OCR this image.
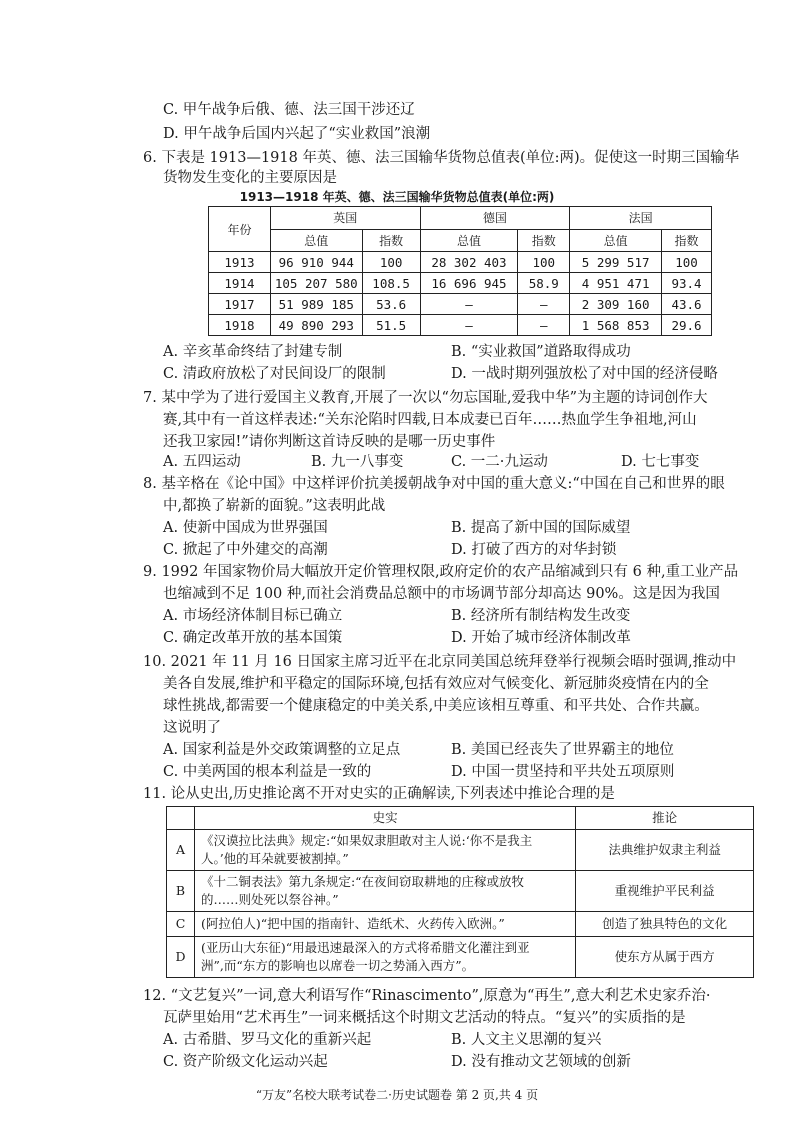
C. 甲午战争后俄、德、法三国干涉还辽
D. 甲午战争后国内兴起了“实业救国”浪潮
6. 下表是 1913—1918 年英、德、法三国输华货物总值表(单位:两)。促使这一时期三国输华
货物发生变化的主要原因是
1913—1918 年英、德、法三国输华货物总值表(单位:两)
年份	英国		德国		法国	
	总值	指数	总值	指数	总值	指数
1913	96 910 944	100	28 302 403	100	5 299 517	100
1914	105 207 580	108.5	16 696 945	58.9	4 951 471	93.4
1917	51 989 185	53.6	—	—	2 309 160	43.6
1918	49 890 293	51.5	—	—	1 568 853	29.6
A. 辛亥革命终结了封建专制	B. “实业救国”道路取得成功
C. 清政府放松了对民间设厂的限制	D. 一战时期列强放松了对中国的经济侵略
7. 某中学为了进行爱国主义教育,开展了一次以“勿忘国耻,爱我中华”为主题的诗词创作大
赛,其中有一首这样表述:“关东沦陷时四载,日本成妻已百年……热血学生争祖地,河山
还我卫家园!”请你判断这首诗反映的是哪一历史事件
A. 五四运动	B. 九一八事变	C. 一二·九运动	D. 七七事变
8. 基辛格在《论中国》中这样评价抗美援朝战争对中国的重大意义:“中国在自己和世界的眼
中,都换了崭新的面貌。”这表明此战
A. 使新中国成为世界强国	B. 提高了新中国的国际威望
C. 掀起了中外建交的高潮	D. 打破了西方的对华封锁
9. 1992 年国家物价局大幅放开定价管理权限,政府定价的农产品缩减到只有 6 种,重工业产品
也缩减到不足 100 种,而社会消费品总额中的市场调节部分却高达 90%。这是因为我国
A. 市场经济体制目标已确立	B. 经济所有制结构发生改变
C. 确定改革开放的基本国策	D. 开始了城市经济体制改革
10. 2021 年 11 月 16 日国家主席习近平在北京同美国总统拜登举行视频会晤时强调,推动中
美各自发展,维护和平稳定的国际环境,包括有效应对气候变化、新冠肺炎疫情在内的全
球性挑战,都需要一个健康稳定的中美关系,中美应该相互尊重、和平共处、合作共赢。
这说明了
A. 国家利益是外交政策调整的立足点	B. 美国已经丧失了世界霸主的地位
C. 中美两国的根本利益是一致的	D. 中国一贯坚持和平共处五项原则
11. 论从史出,历史推论离不开对史实的正确解读,下列表述中推论合理的是
	史实	推论
A	《汉谟拉比法典》规定:“如果奴隶胆敢对主人说:‘你不是我主
人。’他的耳朵就要被割掉。”	法典维护奴隶主利益
B	《十二铜表法》第九条规定:“在夜间窃取耕地的庄稼或放牧
的……则处死以祭谷神。”	重视维护平民利益
C	(阿拉伯人)“把中国的指南针、造纸术、火药传入欧洲。”	创造了独具特色的文化
D	(亚历山大东征)“用最迅速最深入的方式将希腊文化灌注到亚
洲”,而“东方的影响也以席卷一切之势涌入西方”。	使东方从属于西方
12. “文艺复兴”一词,意大利语写作“Rinascimento”,原意为“再生”,意大利艺术史家乔治·
瓦萨里始用“艺术再生”一词来概括这个时期文艺活动的特点。“复兴”的实质指的是
A. 古希腊、罗马文化的重新兴起	B. 人文主义思潮的复兴
C. 资产阶级文化运动兴起	D. 没有推动文艺领域的创新
“万友”名校大联考试卷二·历史试题卷 第 2 页,共 4 页
